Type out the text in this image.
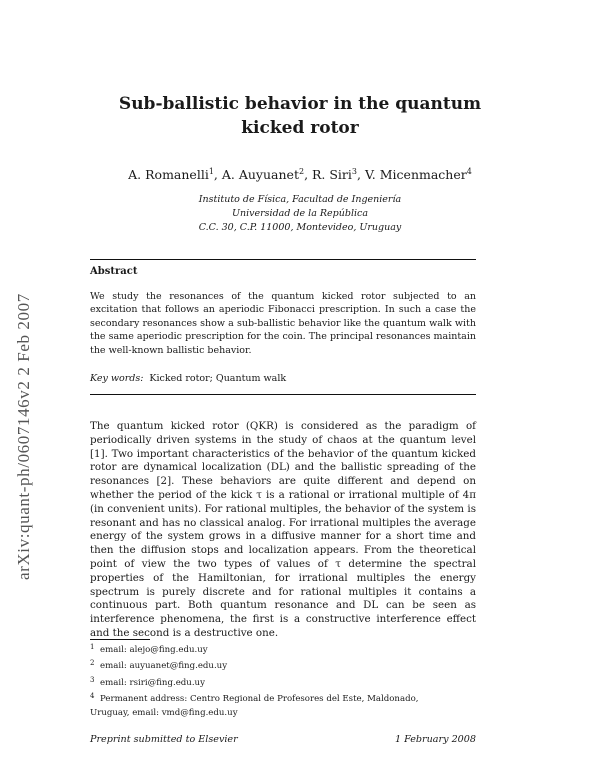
arXiv:quant-ph/0607146v2 2 Feb 2007
Sub-ballistic behavior in the quantum kicked rotor
A. Romanelli$^1$, A. Auyuanet$^2$, R. Siri$^3$, V. Micenmacher$^4$
Instituto de Física, Facultad de Ingeniería
Universidad de la República
C.C. 30, C.P. 11000, Montevideo, Uruguay
Abstract

We study the resonances of the quantum kicked rotor subjected to an excitation that follows an aperiodic Fibonacci prescription. In such a case the secondary resonances show a sub-ballistic behavior like the quantum walk with the same aperiodic prescription for the coin. The principal resonances maintain the well-known ballistic behavior.

Key words: Kicked rotor; Quantum walk

The quantum kicked rotor (QKR) is considered as the paradigm of periodically driven systems in the study of chaos at the quantum level [1]. Two important characteristics of the behavior of the quantum kicked rotor are dynamical localization (DL) and the ballistic spreading of the resonances [2]. These behaviors are quite different and depend on whether the period of the kick τ is a rational or irrational multiple of 4π (in convenient units). For rational multiples, the behavior of the system is resonant and has no classical analog. For irrational multiples the average energy of the system grows in a diffusive manner for a short time and then the diffusion stops and localization appears. From the theoretical point of view the two types of values of τ determine the spectral properties of the Hamiltonian, for irrational multiples the energy spectrum is purely discrete and for rational multiples it contains a continuous part. Both quantum resonance and DL can be seen as interference phenomena, the first is a constructive interference effect and the second is a destructive one.

1 email: alejo@fing.edu.uy
2 email: auyuanet@fing.edu.uy
3 email: rsiri@fing.edu.uy
4 Permanent address: Centro Regional de Profesores del Este, Maldonado,
Uruguay, email: vmd@fing.edu.uy
Preprint submitted to Elsevier	1 February 2008
